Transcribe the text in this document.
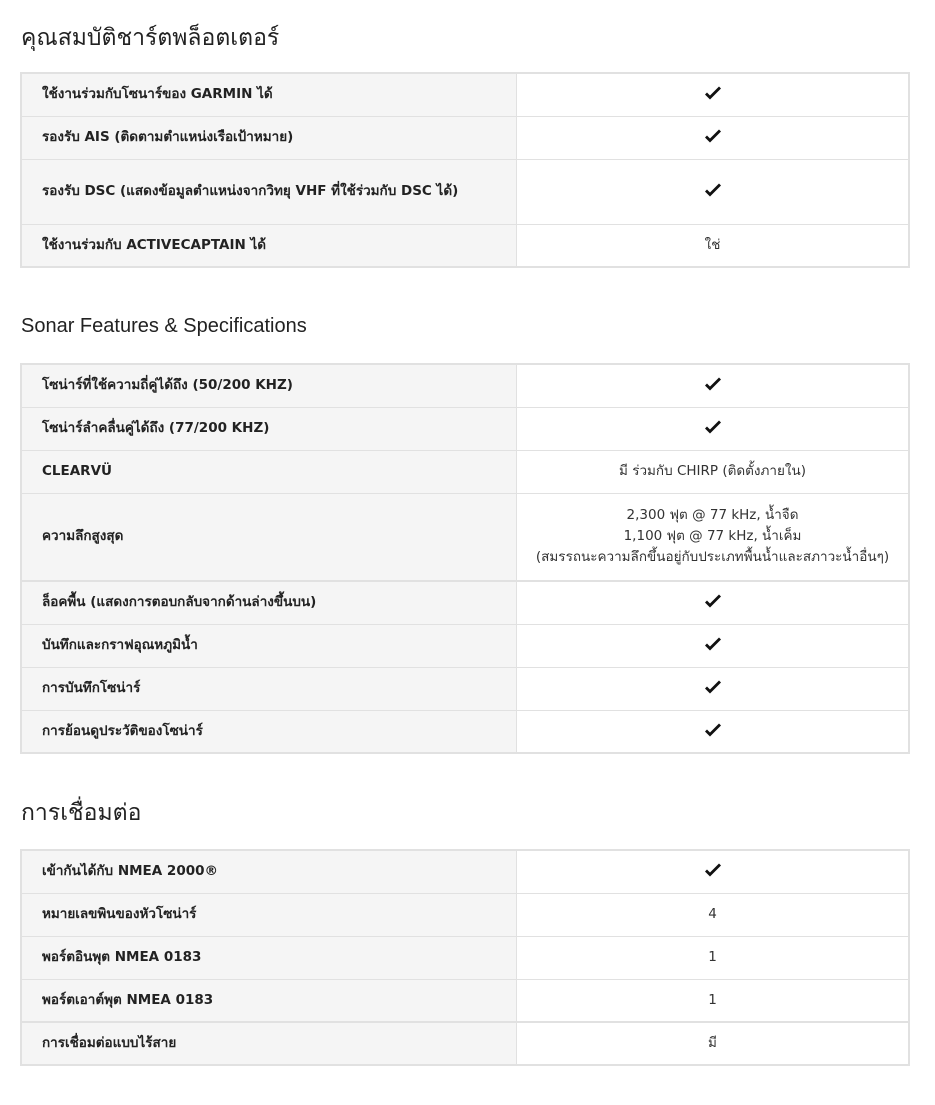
คุณสมบัติชาร์ตพล็อตเตอร์
ใช้งานร่วมกับโซนาร์ของ GARMIN ได้	
รองรับ AIS (ติดตามตำแหน่งเรือเป้าหมาย)	
รองรับ DSC (แสดงข้อมูลตำแหน่งจากวิทยุ VHF ที่ใช้ร่วมกับ DSC ได้)	
ใช้งานร่วมกับ ACTIVECAPTAIN ได้	ใช่
Sonar Features & Specifications
โซน่าร์ที่ใช้ความถี่คู่ได้ถึง (50/200 KHZ)	
โซน่าร์ลำคลื่นคู่ได้ถึง (77/200 KHZ)	
CLEARVÜ	มี ร่วมกับ CHIRP (ติดตั้งภายใน)
ความลึกสูงสุด	2,300 ฟุต @ 77 kHz, น้ำจืด
1,100 ฟุต @ 77 kHz, น้ำเค็ม
(สมรรถนะความลึกขึ้นอยู่กับประเภทพื้นน้ำและสภาวะน้ำอื่นๆ)

ล็อคพื้น (แสดงการตอบกลับจากด้านล่างขึ้นบน)	
บันทึกและกราฟอุณหภูมิน้ำ	
การบันทึกโซน่าร์	
การย้อนดูประวัติของโซน่าร์	
การเชื่อมต่อ
เข้ากันได้กับ NMEA 2000®	
หมายเลขพินของหัวโซน่าร์	4
พอร์ตอินพุต NMEA 0183	1
พอร์ตเอาต์พุต NMEA 0183	1
การเชื่อมต่อแบบไร้สาย	มี
